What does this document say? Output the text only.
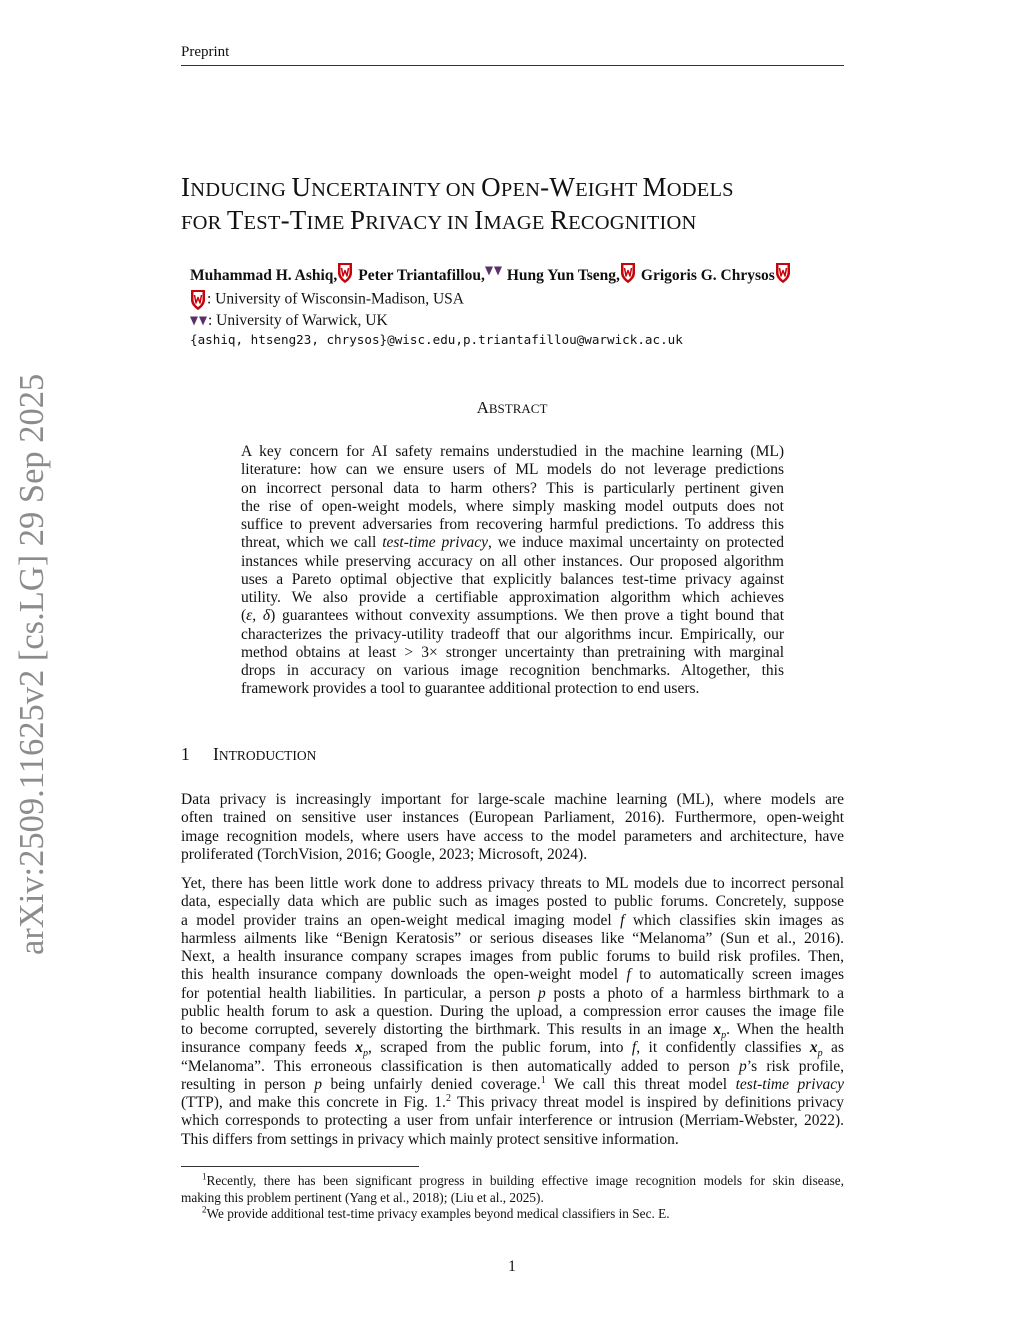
Preprint
arXiv:2509.11625v2 [cs.LG] 29 Sep 2025
INDUCING UNCERTAINTY ON OPEN-WEIGHT MODELS
FOR TEST-TIME PRIVACY IN IMAGE RECOGNITION
Muhammad H. Ashiq, Peter Triantafillou, Hung Yun Tseng, Grigoris G. Chrysos
: University of Wisconsin-Madison, USA
: University of Warwick, UK
{ashiq, htseng23, chrysos}@wisc.edu,p.triantafillou@warwick.ac.uk
ABSTRACT
A key concern for AI safety remains understudied in the machine learning (ML)
literature: how can we ensure users of ML models do not leverage predictions
on incorrect personal data to harm others? This is particularly pertinent given
the rise of open-weight models, where simply masking model outputs does not
suffice to prevent adversaries from recovering harmful predictions. To address this
threat, which we call test-time privacy, we induce maximal uncertainty on protected
instances while preserving accuracy on all other instances. Our proposed algorithm
uses a Pareto optimal objective that explicitly balances test-time privacy against
utility. We also provide a certifiable approximation algorithm which achieves
(ε, δ) guarantees without convexity assumptions. We then prove a tight bound that
characterizes the privacy-utility tradeoff that our algorithms incur. Empirically, our
method obtains at least > 3× stronger uncertainty than pretraining with marginal
drops in accuracy on various image recognition benchmarks. Altogether, this
framework provides a tool to guarantee additional protection to end users.
1 INTRODUCTION
Data privacy is increasingly important for large-scale machine learning (ML), where models are
often trained on sensitive user instances (European Parliament, 2016). Furthermore, open-weight
image recognition models, where users have access to the model parameters and architecture, have
proliferated (TorchVision, 2016; Google, 2023; Microsoft, 2024).
Yet, there has been little work done to address privacy threats to ML models due to incorrect personal
data, especially data which are public such as images posted to public forums. Concretely, suppose
a model provider trains an open-weight medical imaging model f which classifies skin images as
harmless ailments like “Benign Keratosis” or serious diseases like “Melanoma” (Sun et al., 2016).
Next, a health insurance company scrapes images from public forums to build risk profiles. Then,
this health insurance company downloads the open-weight model f to automatically screen images
for potential health liabilities. In particular, a person p posts a photo of a harmless birthmark to a
public health forum to ask a question. During the upload, a compression error causes the image file
to become corrupted, severely distorting the birthmark. This results in an image $x_p$. When the health
insurance company feeds $x_p$, scraped from the public forum, into f, it confidently classifies $x_p$ as
“Melanoma”. This erroneous classification is then automatically added to person p’s risk profile,
resulting in person p being unfairly denied coverage.$^1$ We call this threat model test-time privacy
(TTP), and make this concrete in Fig. 1.$^2$ This privacy threat model is inspired by definitions privacy
which corresponds to protecting a user from unfair interference or intrusion (Merriam-Webster, 2022).
This differs from settings in privacy which mainly protect sensitive information.
$^1$Recently, there has been significant progress in building effective image recognition models for skin disease,
making this problem pertinent (Yang et al., 2018); (Liu et al., 2025).
$^2$We provide additional test-time privacy examples beyond medical classifiers in Sec. E.
1
